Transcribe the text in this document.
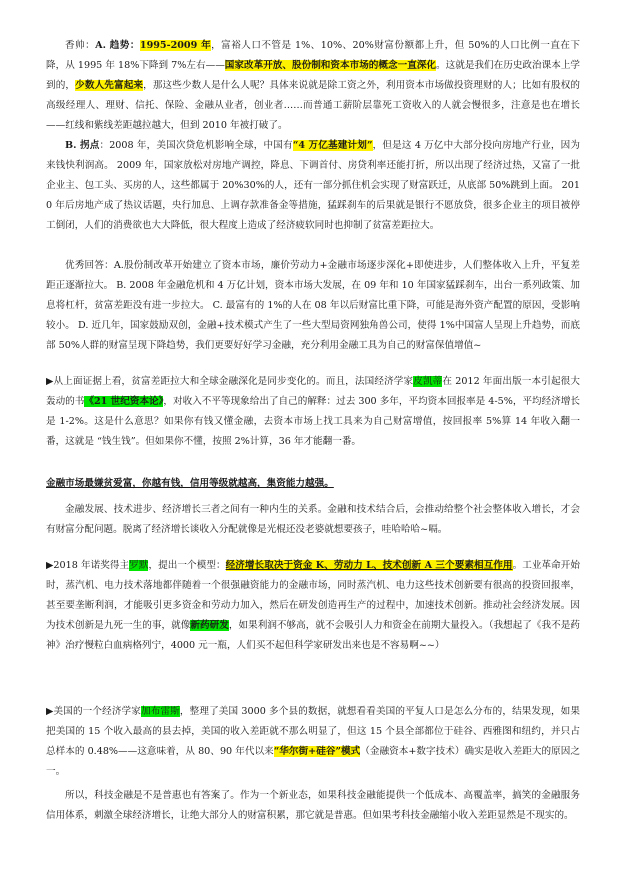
香帅：A. 趋势：1995-2009 年，富裕人口不管是 1%、10%、20%财富份额都上升，但 50%的人口比例一直在下降，从 1995 年 18%下降到 7%左右——国家改革开放、股份制和资本市场的概念一直深化。这就是我们在历史政治课本上学到的，少数人先富起来，那这些少数人是什么人呢？具体来说就是除工资之外，利用资本市场做投资理财的人；比如有股权的高级经理人、理财、信托、保险、金融从业者，创业者……而普通工薪阶层靠死工资收入的人就会慢很多，注意是也在增长——红线和紫线差距越拉越大，但到 2010 年被打破了。

B. 拐点：2008 年，美国次贷危机影响全球，中国有“4 万亿基建计划”，但是这 4 万亿中大部分投向房地产行业，因为来钱快利润高。 2009 年，国家放松对房地产调控，降息、下调首付、房贷利率还能打折，所以出现了经济过热，又富了一批企业主、包工头、买房的人，这些都属于 20%30%的人，还有一部分抓住机会实现了财富跃迁，从底部 50%跳到上面。 2010 年后房地产成了热议话题，央行加息、上调存款准备金等措施，猛踩刹车的后果就是银行不愿放贷，很多企业主的项目被停工倒闭，人们的消费欲也大大降低，很大程度上造成了经济疲软同时也抑制了贫富差距拉大。

优秀回答：A.股份制改革开始建立了资本市场，廉价劳动力+金融市场逐步深化+即使进步，人们整体收入上升，平复差距正逐渐拉大。 B. 2008 年金融危机和 4 万亿计划，资本市场大发展，在 09 年和 10 年国家猛踩刹车，出台一系列政策、加息将杠杆，贫富差距没有进一步拉大。 C. 最富有的 1%的人在 08 年以后财富比重下降，可能是海外资产配置的原因，受影响较小。 D. 近几年，国家鼓励双创，金融+技术模式产生了一些大型局资网独角兽公司，使得 1%中国富人呈现上升趋势，而底部 50%人群的财富呈现下降趋势，我们更要好好学习金融，充分利用金融工具为自己的财富保值增值~

▶从上面证据上看，贫富差距拉大和全球金融深化是同步变化的。而且，法国经济学家皮凯蒂在 2012 年面出版一本引起很大轰动的书《21 世纪资本论》，对收入不平等现象给出了自己的解释：过去 300 多年，平均资本回报率是 4-5%，平均经济增长是 1-2%。这是什么意思？如果你有钱又懂金融，去资本市场上找工具来为自己财富增值，按回报率 5%算 14 年收入翻一番，这就是 “钱生钱”。但如果你不懂，按照 2%计算，36 年才能翻一番。

金融市场最嫌贫爱富，你越有钱，信用等级就越高，集资能力越强。

金融发展、技术进步、经济增长三者之间有一种内生的关系。金融和技术结合后，会推动给整个社会整体收入增长，才会有财富分配问题。脱离了经济增长谈收入分配就像是光棍还没老婆就想要孩子，哇哈哈哈~嗝。

▶2018 年诺奖得主罗默，提出一个模型：经济增长取决于资金 K、劳动力 L、技术创新 A 三个要素相互作用。工业革命开始时，蒸汽机、电力技术落地都伴随着一个很强融资能力的金融市场，同时蒸汽机、电力这些技术创新要有很高的投资回报率，甚至要垄断利润，才能吸引更多资金和劳动力加入，然后在研发创造再生产的过程中，加速技术创新。推动社会经济发展。因为技术创新是九死一生的事，就像新药研发，如果利润不够高，就不会吸引人力和资金在前期大量投入。（我想起了《我不是药神》治疗慢粒白血病格列宁，4000 元一瓶，人们买不起但科学家研发出来也是不容易啊~~）

▶美国的一个经济学家加布雷斯，整理了美国 3000 多个县的数据，就想看看美国的平复人口是怎么分布的，结果发现，如果把美国的 15 个收入最高的县去掉，美国的收入差距就不那么明显了，但这 15 个县全部都位于硅谷、西雅图和纽约，并只占总样本的 0.48%——这意味着，从 80、90 年代以来“华尔街+硅谷”模式（金融资本+数字技术）确实是收入差距大的原因之一。

所以，科技金融是不是普惠也有答案了。作为一个新业态，如果科技金融能提供一个低成本、高覆盖率，搞笑的金融服务信用体系，刺激全球经济增长，让绝大部分人的财富积累，那它就是普惠。但如果考科技金融缩小收入差距显然是不现实的。
